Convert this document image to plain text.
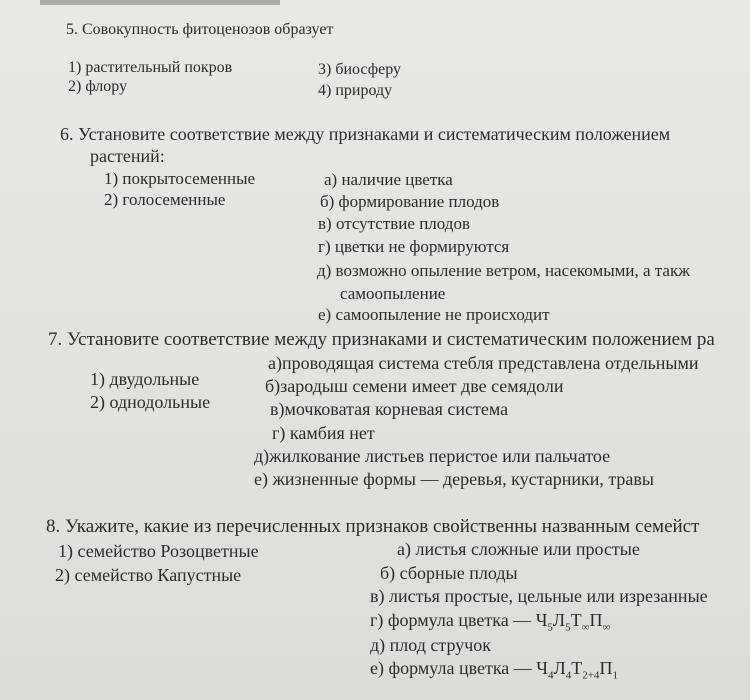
5. Совокупность фитоценозов образует
1) растительный покров
2) флору
3) биосферу
4) природу
6. Установите соответствие между признаками и систематическим положением
растений:
1) покрытосеменные
2) голосеменные
а) наличие цветка
б) формирование плодов
в) отсутствие плодов
г) цветки не формируются
д) возможно опыление ветром, насекомыми, а такж
самоопыление
е) самоопыление не происходит
7. Установите соответствие между признаками и систематическим положением ра
1) двудольные
2) однодольные
а)проводящая система стебля представлена отдельными
б)зародыш семени имеет две семядоли
в)мочковатая корневая система
г) камбия нет
д)жилкование листьев перистое или пальчатое
е) жизненные формы — деревья, кустарники, травы
8. Укажите, какие из перечисленных признаков свойственны названным семейст
1) семейство Розоцветные
2) семейство Капустные
а) листья сложные или простые
б) сборные плоды
в) листья простые, цельные или изрезанные
г) формула цветка — $Ч_5Л_5Т_\infty П_\infty$
д) плод стручок
е) формула цветка — $Ч_4Л_4Т_{2+4}П_1$
